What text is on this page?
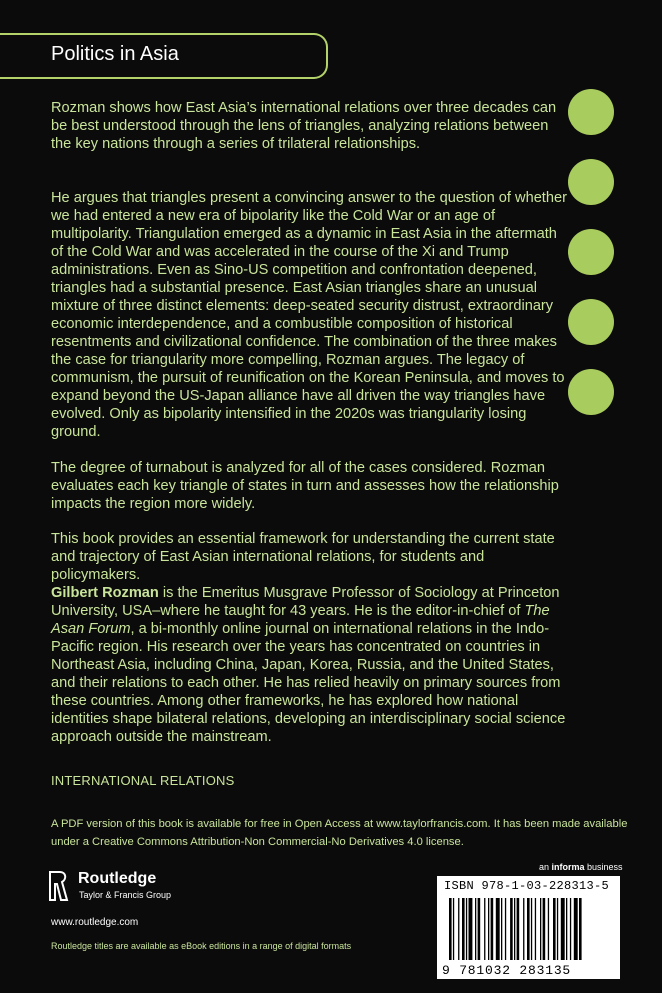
Politics in Asia

Rozman shows how East Asia’s international relations over three decades can be best understood through the lens of triangles, analyzing relations between the key nations through a series of trilateral relationships.

He argues that triangles present a convincing answer to the question of whether we had entered a new era of bipolarity like the Cold War or an age of multipolarity. Triangulation emerged as a dynamic in East Asia in the aftermath of the Cold War and was accelerated in the course of the Xi and Trump administrations. Even as Sino-US competition and confrontation deepened, triangles had a substantial presence. East Asian triangles share an unusual mixture of three distinct elements: deep-seated security distrust, extraordinary economic interdependence, and a combustible composition of historical resentments and civilizational confidence. The combination of the three makes the case for triangularity more compelling, Rozman argues. The legacy of communism, the pursuit of reunification on the Korean Peninsula, and moves to expand beyond the US-Japan alliance have all driven the way triangles have evolved. Only as bipolarity intensified in the 2020s was triangularity losing ground.

The degree of turnabout is analyzed for all of the cases considered. Rozman evaluates each key triangle of states in turn and assesses how the relationship impacts the region more widely.

This book provides an essential framework for understanding the current state and trajectory of East Asian international relations, for students and policymakers.

Gilbert Rozman is the Emeritus Musgrave Professor of Sociology at Princeton University, USA–where he taught for 43 years. He is the editor-in-chief of The Asan Forum, a bi-monthly online journal on international relations in the Indo-Pacific region. His research over the years has concentrated on countries in Northeast Asia, including China, Japan, Korea, Russia, and the United States, and their relations to each other. He has relied heavily on primary sources from these countries. Among other frameworks, he has explored how national identities shape bilateral relations, developing an interdisciplinary social science approach outside the mainstream.

INTERNATIONAL RELATIONS
A PDF version of this book is available for free in Open Access at www.taylorfrancis.com. It has been made available under a Creative Commons Attribution-Non Commercial-No Derivatives 4.0 license.
an informa business
Routledge
Taylor & Francis Group
www.routledge.com
Routledge titles are available as eBook editions in a range of digital formats
ISBN 978-1-03-228313-5
9 781032 283135
